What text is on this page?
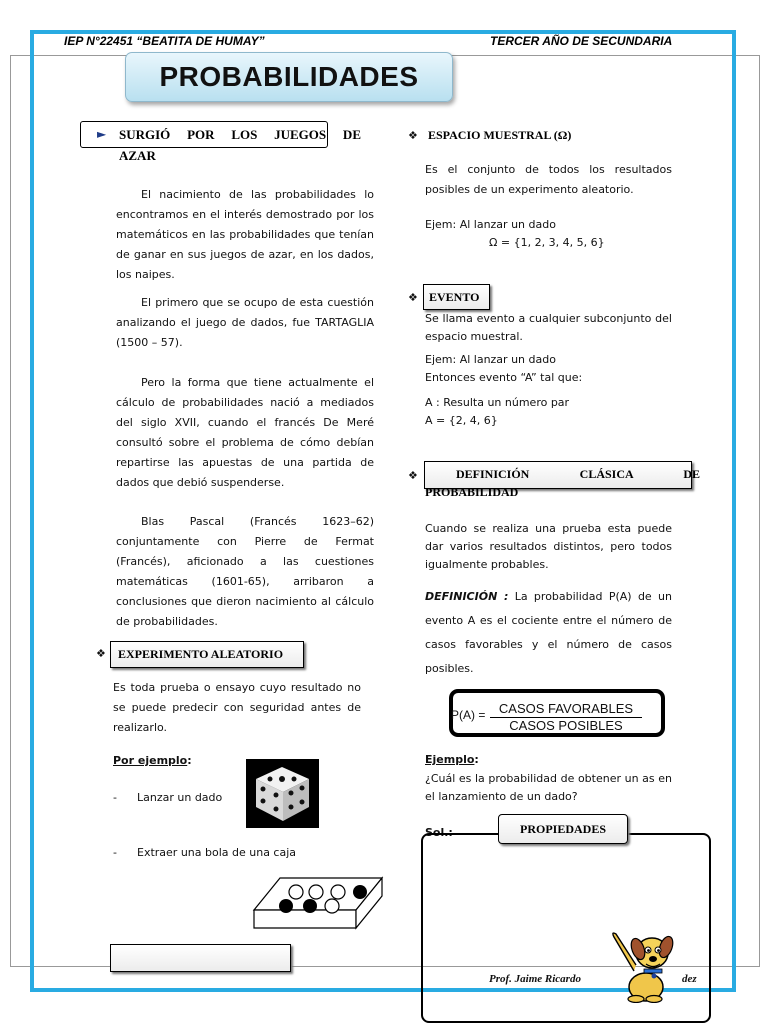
IEP N°22451 “BEATITA DE HUMAY”	TERCER AÑO DE SECUNDARIA
PROBABILIDADES
► SURGIÓ POR LOS JUEGOS DE
AZAR
El nacimiento de las probabilidades lo encontramos en el interés demostrado por los matemáticos en las probabilidades que tenían de ganar en sus juegos de azar, en los dados, los naipes.
El primero que se ocupo de esta cuestión analizando el juego de dados, fue TARTAGLIA (1500 – 57).
Pero la forma que tiene actualmente el cálculo de probabilidades nació a mediados del siglo XVII, cuando el francés De Meré consultó sobre el problema de cómo debían repartirse las apuestas de una partida de dados que debió suspenderse.
Blas Pascal (Francés 1623–62) conjuntamente con Pierre de Fermat (Francés), aficionado a las cuestiones matemáticas (1601-65), arribaron a conclusiones que dieron nacimiento al cálculo de probabilidades.
❖	EXPERIMENTO ALEATORIO
Es toda prueba o ensayo cuyo resultado no se puede predecir con seguridad antes de realizarlo.
Por ejemplo:
- Lanzar un dado
- Extraer una bola de una caja
❖ ESPACIO MUESTRAL (Ω)
Es el conjunto de todos los resultados posibles de un experimento aleatorio.
Ejem: Al lanzar un dado
Ω = {1, 2, 3, 4, 5, 6}
❖ EVENTO
Se llama evento a cualquier subconjunto del espacio muestral.
Ejem: Al lanzar un dado
Entonces evento “A” tal que:
A : Resulta un número par
A = {2, 4, 6}
❖	DEFINICIÓN CLÁSICA DE
PROBABILIDAD
Cuando se realiza una prueba esta puede dar varios resultados distintos, pero todos igualmente probables.
DEFINICIÓN : La probabilidad P(A) de un evento A es el cociente entre el número de casos favorables y el número de casos posibles.
P(A) =	CASOS FAVORABLES
CASOS POSIBLES
Ejemplo:
¿Cuál es la probabilidad de obtener un as en el lanzamiento de un dado?
Sol.:	PROPIEDADES
Prof. Jaime Ricardo	dez
